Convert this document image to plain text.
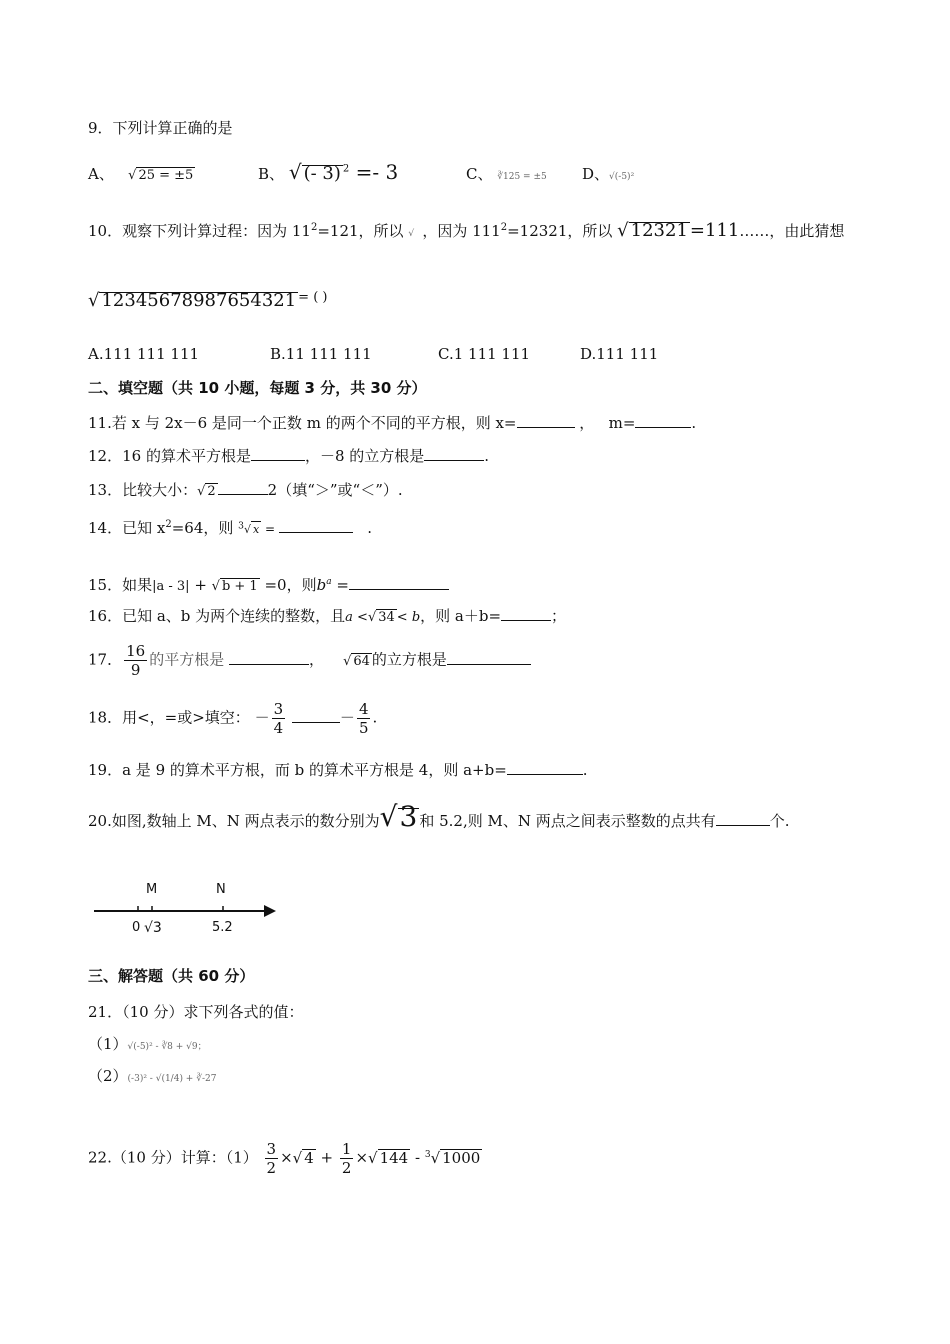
9．下列计算正确的是
A、 √ 25 = ±5	B、 √ (- 3) $^2$ =- 3	C、 ∛125 = ±5 D、√(-5)²
10．观察下列计算过程：因为 $11^2=121$，所以 √ ，因为 $111^2=12321$，所以 √ 12321 =111……，由此猜想
√ 12345678987654321 = ( )
A.111 111 111	B.11 111 111	C.1 111 111	D.111 111
二、填空题（共 10 小题，每题 3 分，共 30 分）
11.若 x 与 2x－6 是同一个正数 m 的两个不同的平方根，则 x=	， m=	.
12．16 的算术平方根是	，－8 的立方根是	.
13．比较大小：√ 2	2（填“＞”或“＜”）.
14．已知 $x^2=64$，则 $^3$√ x =	.
15．如果|a - 3| + √ b + 1 =0，则$b^a$ =
16．已知 a、b 为两个连续的整数，且a <√ 34 < b，则 a＋b=	；
17． $\frac{16}{9}$ 的平方根是	， √ 64 的立方根是
18．用<，=或>填空： － $\frac{3}{4}$	－ $\frac{4}{5}$ .
19．a 是 9 的算术平方根，而 b 的算术平方根是 4，则 a+b=	.
20.如图,数轴上 M、N 两点表示的数分别为√3 和 5.2,则 M、N 两点之间表示整数的点共有	个.
M	N
0 √3	5.2
三、解答题（共 60 分）
21．（10 分）求下列各式的值：
（1）√(-5)² - ∛8 + √9；
（2）(-3)² - √(1/4) + ∛-27
22.（10 分）计算：$(1) \frac{3}{2}$ ×√ $4 + \frac{1}{2}$ ×√ 144 - $^3$√ 1000
